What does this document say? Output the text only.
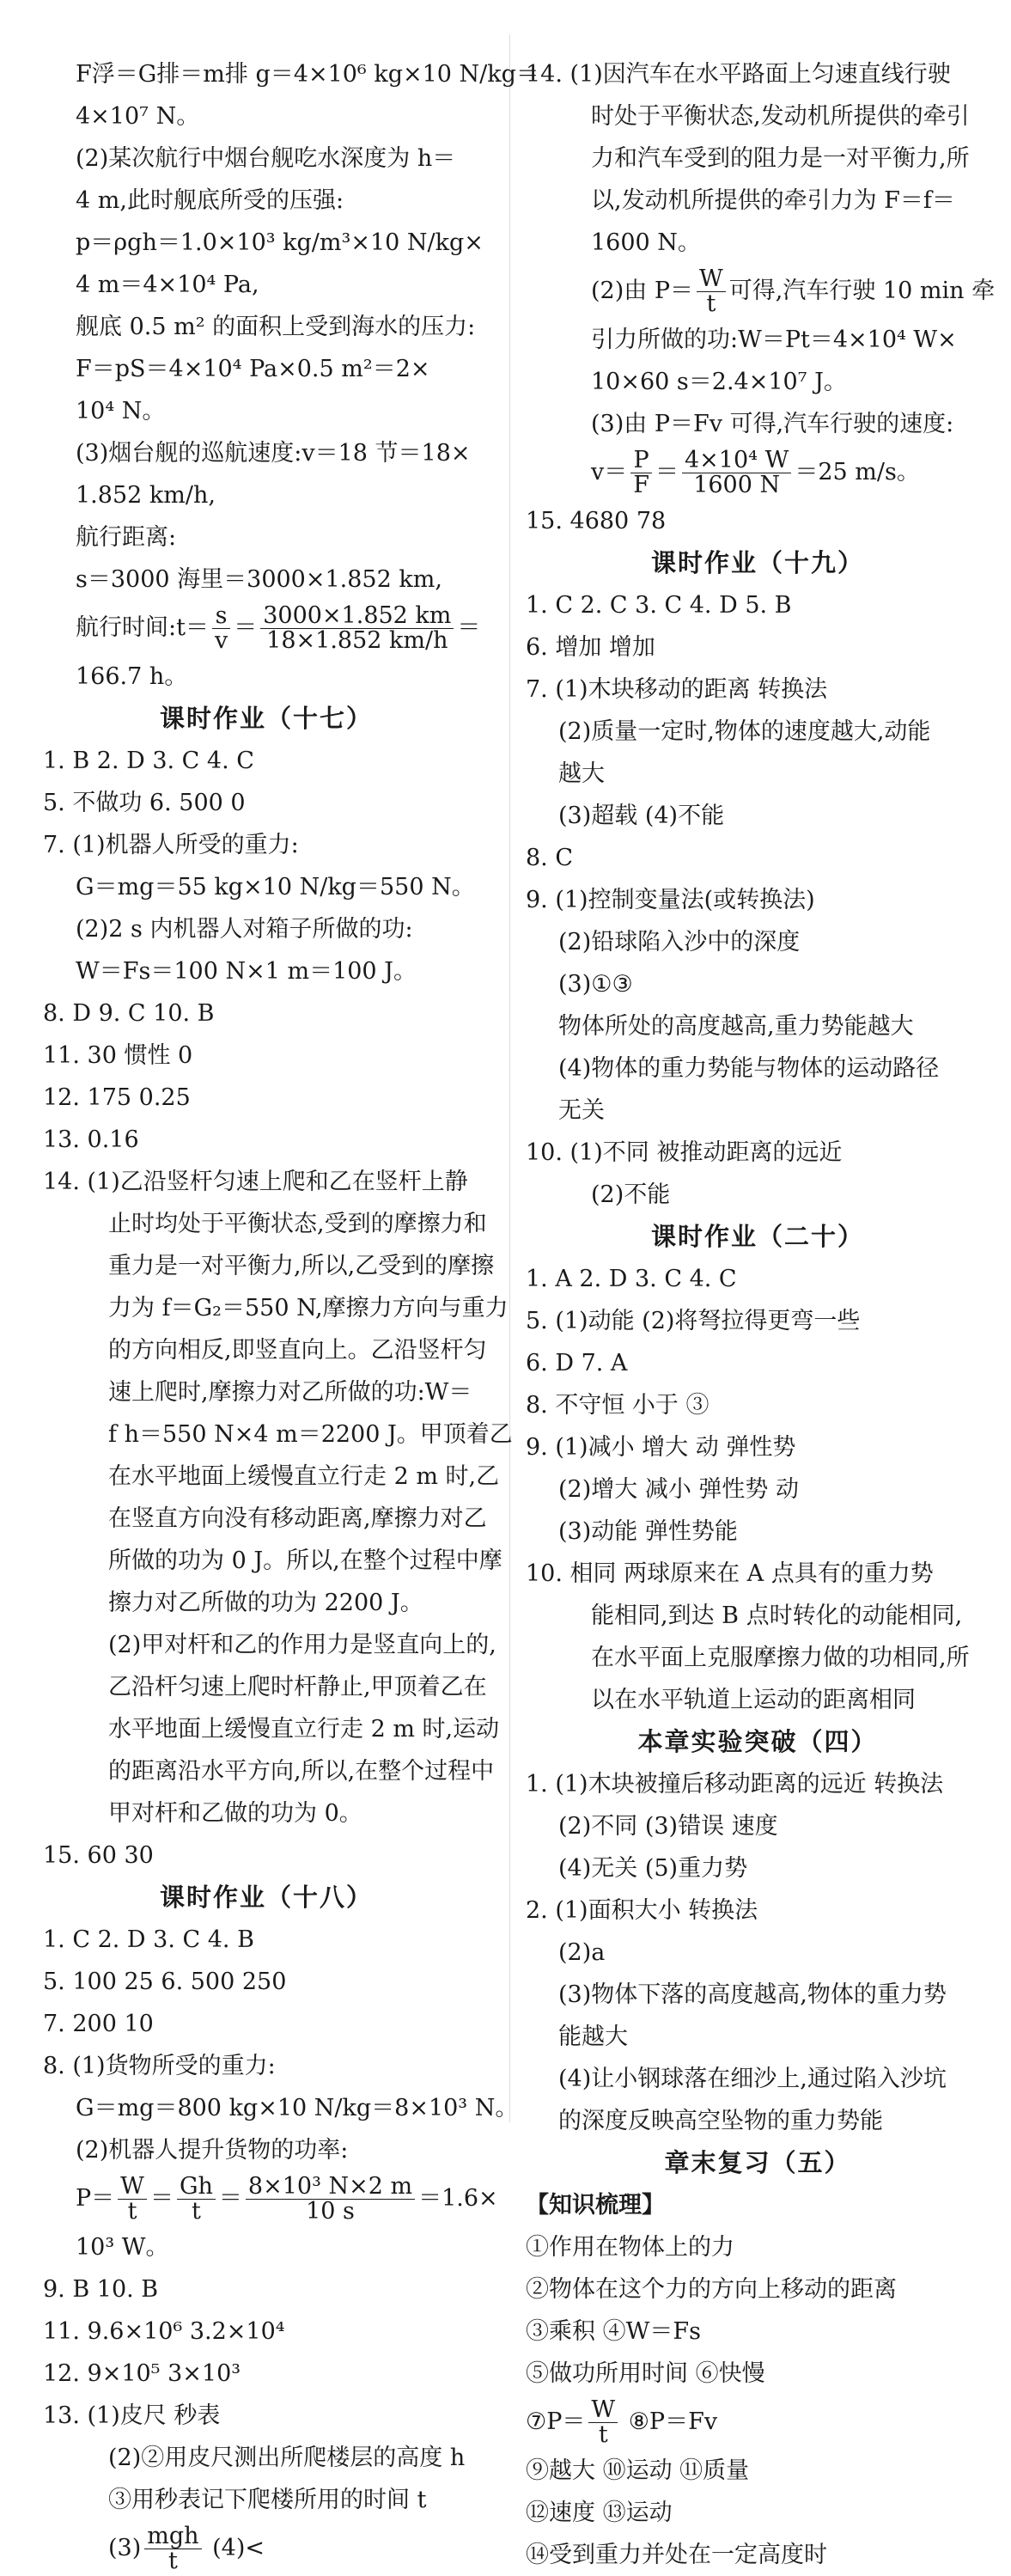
F浮＝G排＝m排 g＝4×10⁶ kg×10 N/kg＝
4×10⁷ N。
(2)某次航行中烟台舰吃水深度为 h＝
4 m,此时舰底所受的压强:
p＝ρgh＝1.0×10³ kg/m³×10 N/kg×
4 m＝4×10⁴ Pa,
舰底 0.5 m² 的面积上受到海水的压力:
F＝pS＝4×10⁴ Pa×0.5 m²＝2×
10⁴ N。
(3)烟台舰的巡航速度:v＝18 节＝18×
1.852 km/h,
航行距离:
s＝3000 海里＝3000×1.852 km,
航行时间:t＝ $\frac{s}{v} = \frac{3000\times 1.852 km}{18\times 1.852 km/h}$ ＝
166.7 h。
课时作业（十七）
1. B 2. D 3. C 4. C
5. 不做功 6. 500 0
7. (1)机器人所受的重力:
G＝mg＝55 kg×10 N/kg＝550 N。
(2)2 s 内机器人对箱子所做的功:
W＝Fs＝100 N×1 m＝100 J。
8. D 9. C 10. B
11. 30 惯性 0
12. 175 0.25
13. 0.16
14. (1)乙沿竖杆匀速上爬和乙在竖杆上静
止时均处于平衡状态,受到的摩擦力和
重力是一对平衡力,所以,乙受到的摩擦
力为 f＝G₂＝550 N,摩擦力方向与重力
的方向相反,即竖直向上。乙沿竖杆匀
速上爬时,摩擦力对乙所做的功:W＝
f h＝550 N×4 m＝2200 J。甲顶着乙
在水平地面上缓慢直立行走 2 m 时,乙
在竖直方向没有移动距离,摩擦力对乙
所做的功为 0 J。所以,在整个过程中摩
擦力对乙所做的功为 2200 J。
(2)甲对杆和乙的作用力是竖直向上的,
乙沿杆匀速上爬时杆静止,甲顶着乙在
水平地面上缓慢直立行走 2 m 时,运动
的距离沿水平方向,所以,在整个过程中
甲对杆和乙做的功为 0。
15. 60 30
课时作业（十八）
1. C 2. D 3. C 4. B
5. 100 25 6. 500 250
7. 200 10
8. (1)货物所受的重力:
G＝mg＝800 kg×10 N/kg＝8×10³ N。
(2)机器人提升货物的功率:
$P= \frac{W}{t} = \frac{Gh}{t} = \frac{\text{8×10³ N×2 m}}{10 s} =1.6\times$
10³ W。
9. B 10. B
11. 9.6×10⁶ 3.2×10⁴
12. 9×10⁵ 3×10³
13. (1)皮尺 秒表
(2)②用皮尺测出所爬楼层的高度 h
③用秒表记下爬楼所用的时间 t
$(3) \frac{\text{mgh}}{t} (4)<$
14. (1)因汽车在水平路面上匀速直线行驶
时处于平衡状态,发动机所提供的牵引
力和汽车受到的阻力是一对平衡力,所
以,发动机所提供的牵引力为 F＝f＝
1600 N。
(2)由 $P= \frac{W}{t}$ 可得,汽车行驶 10 min 牵
引力所做的功:W＝Pt＝4×10⁴ W×
10×60 s＝2.4×10⁷ J。
(3)由 P＝Fv 可得,汽车行驶的速度:
$v= \frac{P}{F} = \frac{\text{4×10⁴ W}}{1600 N} =25$ m/s。
15. 4680 78
课时作业（十九）
1. C 2. C 3. C 4. D 5. B
6. 增加 增加
7. (1)木块移动的距离 转换法
(2)质量一定时,物体的速度越大,动能
越大
(3)超载 (4)不能
8. C
9. (1)控制变量法(或转换法)
(2)铅球陷入沙中的深度
(3)①③
物体所处的高度越高,重力势能越大
(4)物体的重力势能与物体的运动路径
无关
10. (1)不同 被推动距离的远近
(2)不能
课时作业（二十）
1. A 2. D 3. C 4. C
5. (1)动能 (2)将弩拉得更弯一些
6. D 7. A
8. 不守恒 小于 ③
9. (1)减小 增大 动 弹性势
(2)增大 减小 弹性势 动
(3)动能 弹性势能
10. 相同 两球原来在 A 点具有的重力势
能相同,到达 B 点时转化的动能相同,
在水平面上克服摩擦力做的功相同,所
以在水平轨道上运动的距离相同
本章实验突破（四）
1. (1)木块被撞后移动距离的远近 转换法
(2)不同 (3)错误 速度
(4)无关 (5)重力势
2. (1)面积大小 转换法
(2)a
(3)物体下落的高度越高,物体的重力势
能越大
(4)让小钢球落在细沙上,通过陷入沙坑
的深度反映高空坠物的重力势能
章末复习（五）
【知识梳理】
①作用在物体上的力
②物体在这个力的方向上移动的距离
③乘积 ④W＝Fs
⑤做功所用时间 ⑥快慢
⑦P＝ $\frac{W}{t}$ ⑧P＝Fv
⑨越大 ⑩运动 ⑪质量
⑫速度 ⑬运动
⑭受到重力并处在一定高度时
